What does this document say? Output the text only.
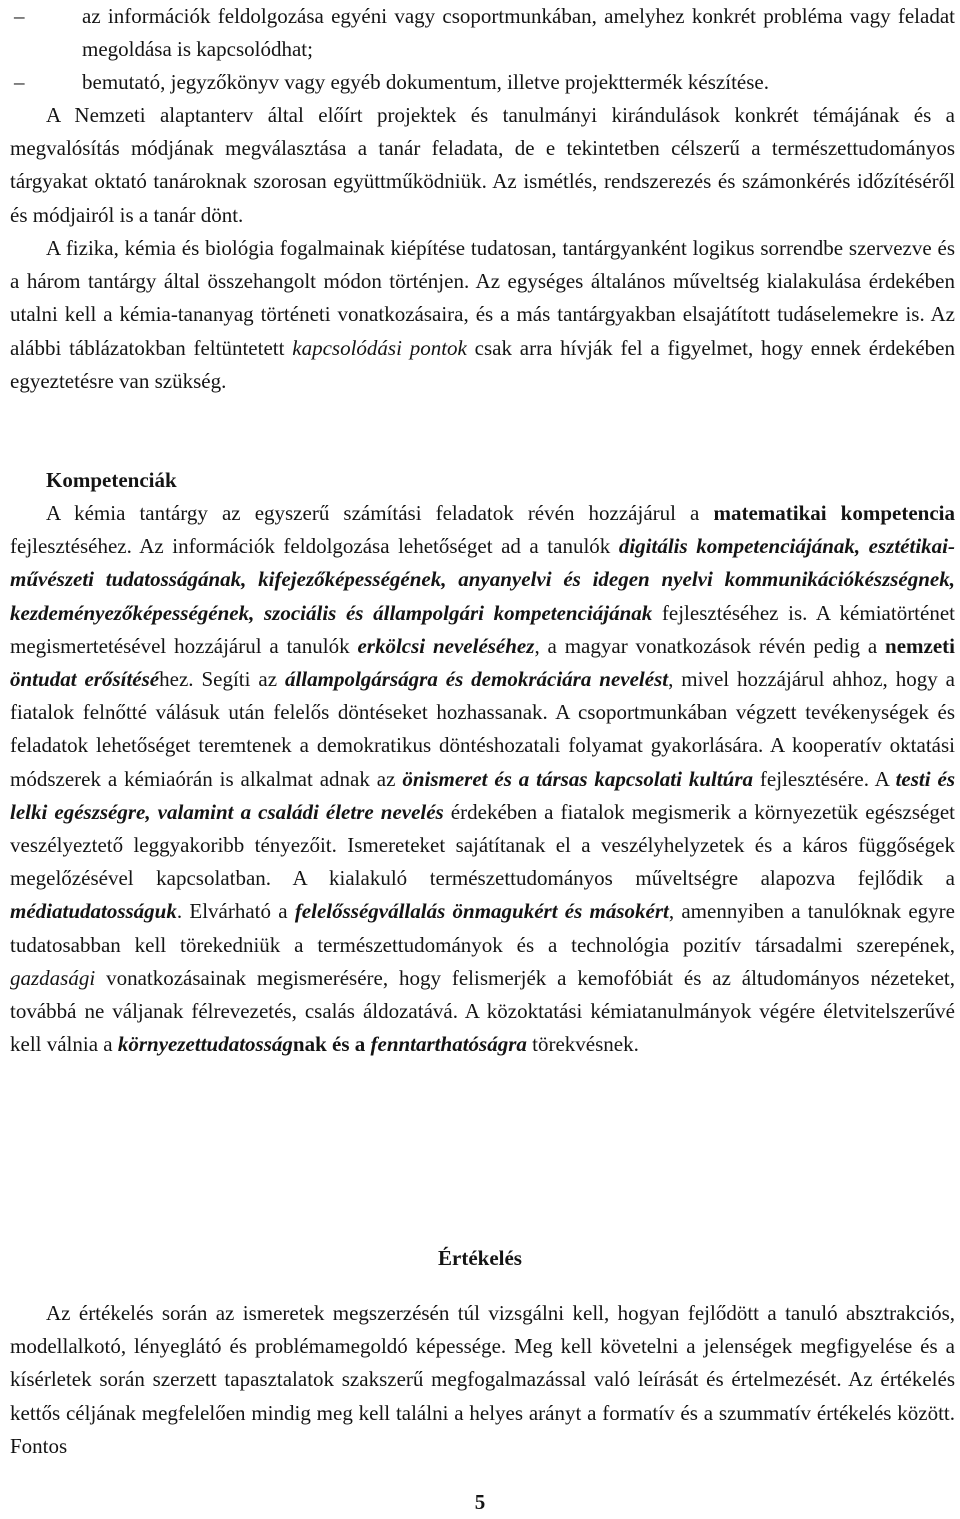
–	az információk feldolgozása egyéni vagy csoportmunkában, amelyhez konkrét probléma vagy feladat megoldása is kapcsolódhat;
–	bemutató, jegyzőkönyv vagy egyéb dokumentum, illetve projekttermék készítése.
A Nemzeti alaptanterv által előírt projektek és tanulmányi kirándulások konkrét témájának és a megvalósítás módjának megválasztása a tanár feladata, de e tekintetben célszerű a természettudományos tárgyakat oktató tanároknak szorosan együttműködniük. Az ismétlés, rendszerezés és számonkérés időzítéséről és módjairól is a tanár dönt.
A fizika, kémia és biológia fogalmainak kiépítése tudatosan, tantárgyanként logikus sorrendbe szervezve és a három tantárgy által összehangolt módon történjen. Az egységes általános műveltség kialakulása érdekében utalni kell a kémia-tananyag történeti vonatkozásaira, és a más tantárgyakban elsajátított tudáselemekre is. Az alábbi táblázatokban feltüntetett kapcsolódási pontok csak arra hívják fel a figyelmet, hogy ennek érdekében egyeztetésre van szükség.
Kompetenciák
A kémia tantárgy az egyszerű számítási feladatok révén hozzájárul a matematikai kompetencia fejlesztéséhez. Az információk feldolgozása lehetőséget ad a tanulók digitális kompetenciájának, esztétikai-művészeti tudatosságának, kifejezőképességének, anyanyelvi és idegen nyelvi kommunikációkészségnek, kezdeményezőképességének, szociális és állampolgári kompetenciájának fejlesztéséhez is. A kémiatörténet megismertetésével hozzájárul a tanulók erkölcsi neveléséhez, a magyar vonatkozások révén pedig a nemzeti öntudat erősítéséhez. Segíti az állampolgárságra és demokráciára nevelést, mivel hozzájárul ahhoz, hogy a fiatalok felnőtté válásuk után felelős döntéseket hozhassanak. A csoportmunkában végzett tevékenységek és feladatok lehetőséget teremtenek a demokratikus döntéshozatali folyamat gyakorlására. A kooperatív oktatási módszerek a kémiaórán is alkalmat adnak az önismeret és a társas kapcsolati kultúra fejlesztésére. A testi és lelki egészségre, valamint a családi életre nevelés érdekében a fiatalok megismerik a környezetük egészséget veszélyeztető leggyakoribb tényezőit. Ismereteket sajátítanak el a veszélyhelyzetek és a káros függőségek megelőzésével kapcsolatban. A kialakuló természettudományos műveltségre alapozva fejlődik a médiatudatosságuk. Elvárható a felelősségvállalás önmagukért és másokért, amennyiben a tanulóknak egyre tudatosabban kell törekedniük a természettudományok és a technológia pozitív társadalmi szerepének, gazdasági vonatkozásainak megismerésére, hogy felismerjék a kemofóbiát és az áltudományos nézeteket, továbbá ne váljanak félrevezetés, csalás áldozatává. A közoktatási kémiatanulmányok végére életvitelszerűvé kell válnia a környezettudatosságnak és a fenntarthatóságra törekvésnek.
Értékelés
Az értékelés során az ismeretek megszerzésén túl vizsgálni kell, hogyan fejlődött a tanuló absztrakciós, modellalkotó, lényeglátó és problémamegoldó képessége. Meg kell követelni a jelenségek megfigyelése és a kísérletek során szerzett tapasztalatok szakszerű megfogalmazással való leírását és értelmezését. Az értékelés kettős céljának megfelelően mindig meg kell találni a helyes arányt a formatív és a szummatív értékelés között. Fontos
5
